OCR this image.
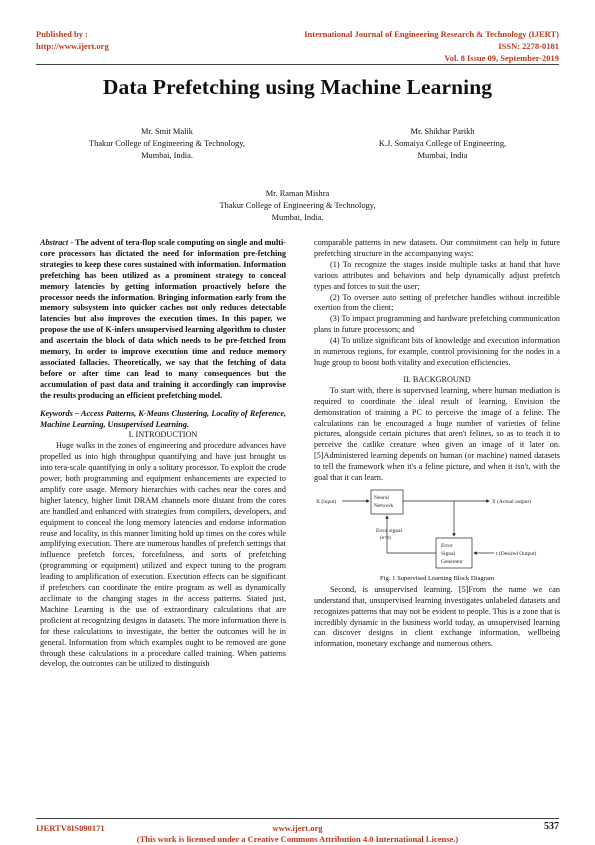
Published by :
http://www.ijert.org
International Journal of Engineering Research & Technology (IJERT)
ISSN: 2278-0181
Vol. 8 Issue 09, September-2019
Data Prefetching using Machine Learning
Mr. Smit Malik
Thakur College of Engineering & Technology,
Mumbai, India.
Mr. Shikhar Parikh
K.J. Somaiya College of Engineering,
Mumbai, India
Mr. Raman Mishra
Thakur College of Engineering & Technology,
Mumbai, India.

Abstract - The advent of tera-flop scale computing on single and multi-core processors has dictated the need for information pre-fetching strategies to keep these cores sustained with information. Information prefetching has been utilized as a prominent strategy to conceal memory latencies by getting information proactively before the processor needs the information. Bringing information early from the memory subsystem into quicker caches not only reduces detectable latencies but also improves the execution times. In this paper, we propose the use of K-infers unsupervised learning algorithm to cluster and ascertain the block of data which needs to be pre-fetched from memory, In order to improve execution time and reduce memory associated fallacies. Theoretically, we say that the fetching of data before or after time can lead to many consequences but the accumulation of past data and training it accordingly can improvise the results producing an efficient prefetching model.

Keywords – Access Patterns, K-Means Clustering, Locality of Reference, Machine Learning, Unsupervised Learning.

I. INTRODUCTION

Huge walks in the zones of engineering and procedure advances have propelled us into high throughput quantifying and have just brought us into tera-scale quantifying in only a solitary processor. To exploit the crude power, both programming and equipment enhancements are expected to amplify core usage. Memory hierarchies with caches near the cores and higher latency, higher limit DRAM channels more distant from the cores are handled and enhanced with strategies from compilers, developers, and equipment to conceal the long memory latencies and endorse information reuse and locality, in this manner limiting hold up times on the cores while amplifying execution. There are numerous handles of prefetch settings that influence prefetch forces, forcefulness, and sorts of prefetching (programming or equipment) utilized and expect tuning to the program leading to amplification of execution. Execution effects can be significant if prefetchers can coordinate the entire program as well as dynamically acclimate to the changing stages in the access patterns. Stated just, Machine Learning is the use of extraordinary calculations that are proficient at recognizing designs in datasets. The more information there is for these calculations to investigate, the better the outcomes will be in general. Information from which examples ought to be removed are gone through these calculations in a procedure called training. When patterns develop, the outcomes can be utilized to distinguish

comparable patterns in new datasets. Our commitment can help in future prefetching structure in the accompanying ways:

(1) To recognize the stages inside multiple tasks at hand that have various attributes and behaviors and help dynamically adjust prefetch types and forces to suit the user;

(2) To oversee auto setting of prefetcher handles without incredible exertion from the client;

(3) To impact programming and hardware prefetching communication plans in future processors; and

(4) To utilize significant bits of knowledge and execution information in numerous regions, for example, control provisioning for the nodes in a huge group to boost both vitality and execution efficiencies.

II. BACKGROUND

To start with, there is supervised learning, where human mediation is required to coordinate the ideal result of learning. Envision the demonstration of training a PC to perceive the image of a feline. The calculations can be encouraged a huge number of varieties of feline pictures, alongside certain pictures that aren't felines, so as to teach it to perceive the catlike creature when given an image of it later on. [5]Administered learning depends on human (or machine) named datasets to tell the framework when it's a feline picture, and when it isn't, with the goal that it can learn.

X (input)
Neural
Network
Y (Actual output)
Error
Signal
Generator
Error signal
(e=t)
t (Desired Output)

Fig. 1 Supervised Learning Block Diagram

Second, is unsupervised learning. [5]From the name we can understand that, unsupervised learning investigates unlabeled datasets and recognizes patterns that may not be evident to people. This is a zone that is incredibly dynamic in the business world today, as unsupervised learning can discover designs in client exchange information, wellbeing information, monetary exchange and numerous others.

IJERTV8IS090171	www.ijert.org
(This work is licensed under a Creative Commons Attribution 4.0 International License.)
537
